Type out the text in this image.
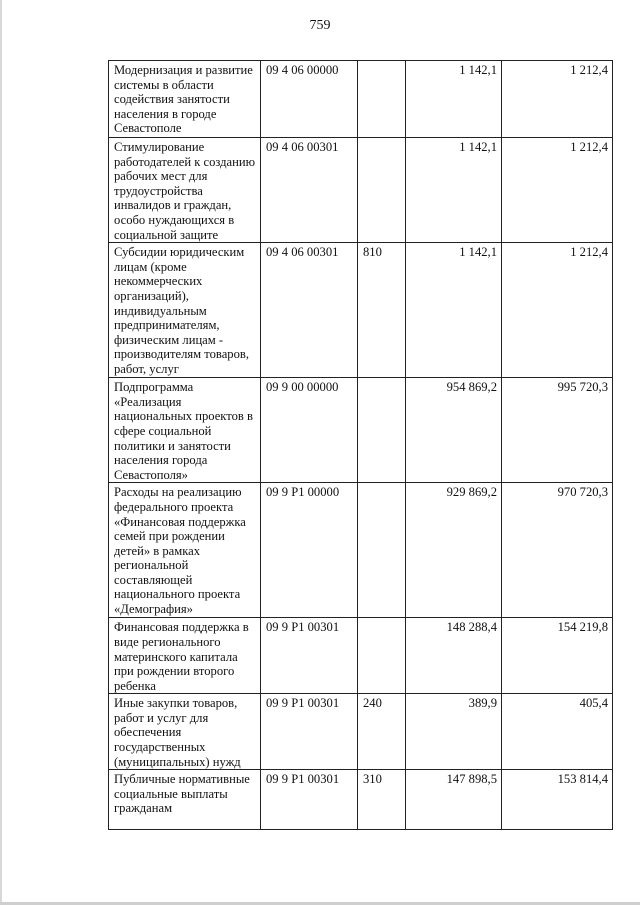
759
Модернизация и развитие системы в области содействия занятости населения в городе Севастополе	09 4 06 00000		1 142,1	1 212,4
Стимулирование работодателей к созданию рабочих мест для трудоустройства инвалидов и граждан, особо нуждающихся в социальной защите	09 4 06 00301		1 142,1	1 212,4
Субсидии юридическим лицам (кроме некоммерческих организаций), индивидуальным предпринимателям, физическим лицам - производителям товаров, работ, услуг	09 4 06 00301	810	1 142,1	1 212,4
Подпрограмма «Реализация национальных проектов в сфере социальной политики и занятости населения города Севастополя»	09 9 00 00000		954 869,2	995 720,3
Расходы на реализацию федерального проекта «Финансовая поддержка семей при рождении детей» в рамках региональной составляющей национального проекта «Демография»	09 9 P1 00000		929 869,2	970 720,3
Финансовая поддержка в виде регионального материнского капитала при рождении второго ребенка	09 9 P1 00301		148 288,4	154 219,8
Иные закупки товаров, работ и услуг для обеспечения государственных (муниципальных) нужд	09 9 P1 00301	240	389,9	405,4
Публичные нормативные социальные выплаты гражданам	09 9 P1 00301	310	147 898,5	153 814,4
